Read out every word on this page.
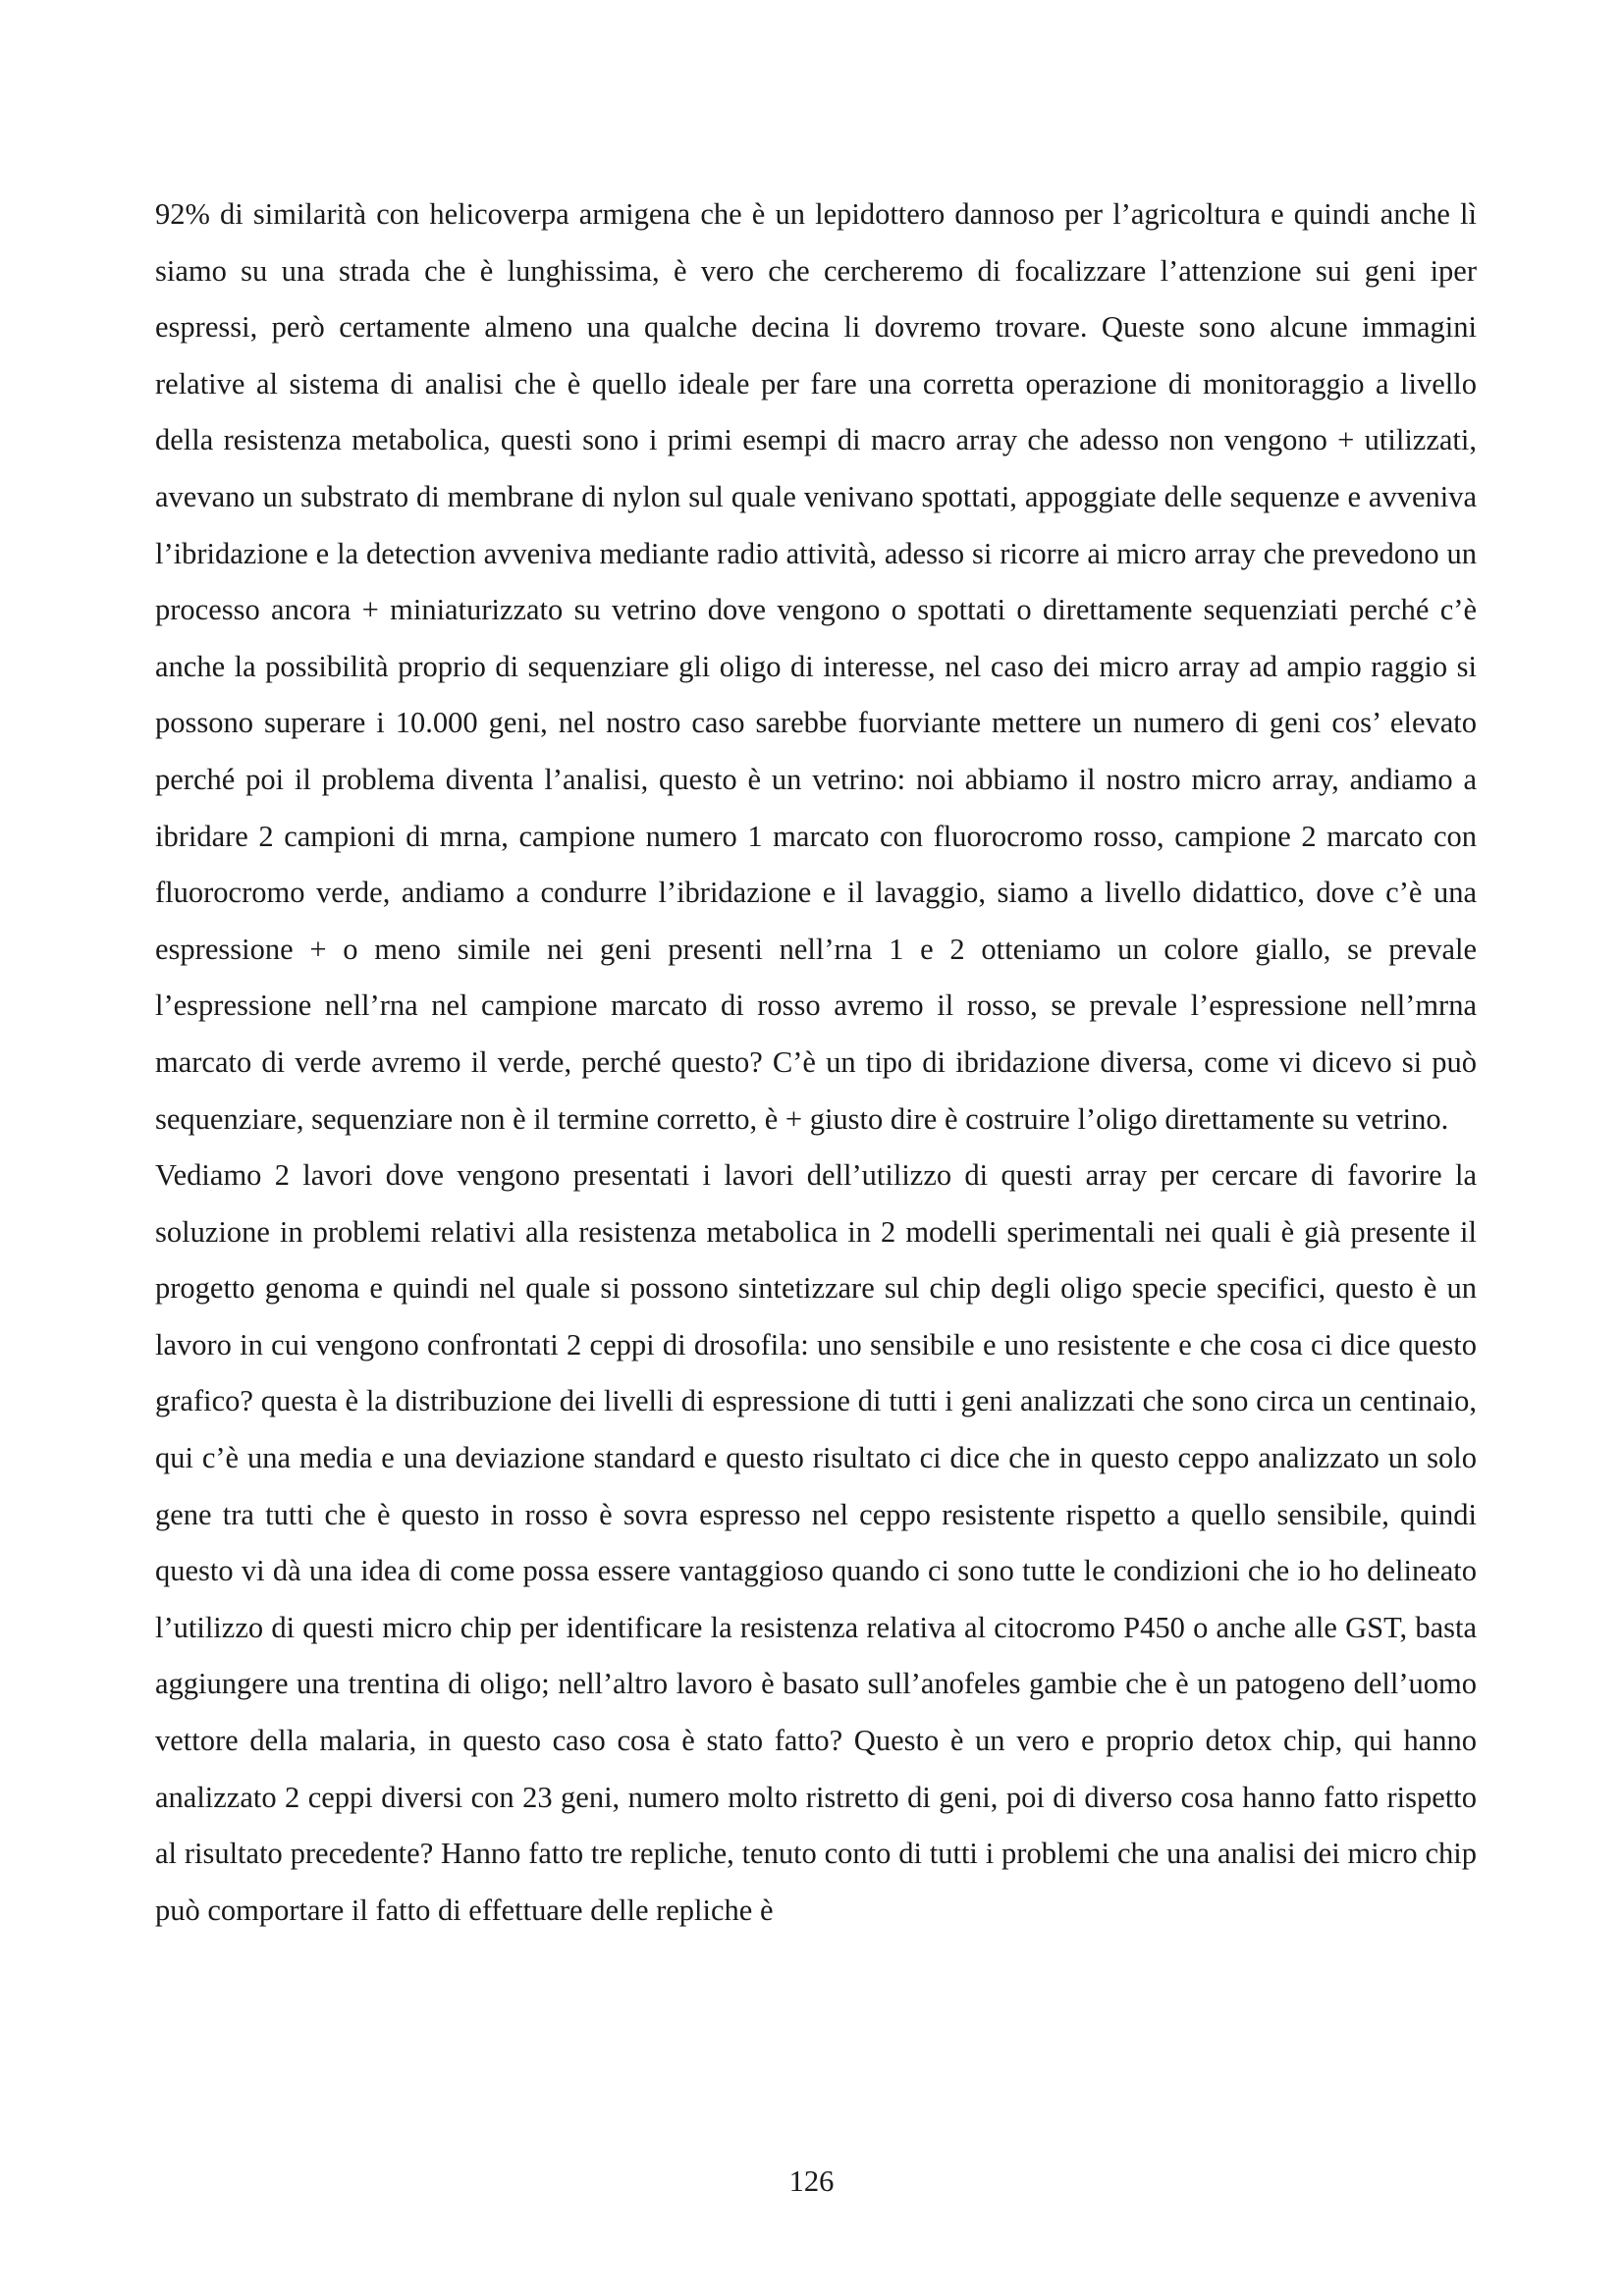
92% di similarità con helicoverpa armigena che è un lepidottero dannoso per l’agricoltura e quindi anche lì siamo su una strada che è lunghissima, è vero che cercheremo di focalizzare l’attenzione sui geni iper espressi, però certamente almeno una qualche decina li dovremo trovare. Queste sono alcune immagini relative al sistema di analisi che è quello ideale per fare una corretta operazione di monitoraggio a livello della resistenza metabolica, questi sono i primi esempi di macro array che adesso non vengono + utilizzati, avevano un substrato di membrane di nylon sul quale venivano spottati, appoggiate delle sequenze e avveniva l’ibridazione e la detection avveniva mediante radio attività, adesso si ricorre ai micro array che prevedono un processo ancora + miniaturizzato su vetrino dove vengono o spottati o direttamente sequenziati perché c’è anche la possibilità proprio di sequenziare gli oligo di interesse, nel caso dei micro array ad ampio raggio si possono superare i 10.000 geni, nel nostro caso sarebbe fuorviante mettere un numero di geni cos’ elevato perché poi il problema diventa l’analisi, questo è un vetrino: noi abbiamo il nostro micro array, andiamo a ibridare 2 campioni di mrna, campione numero 1 marcato con fluorocromo rosso, campione 2 marcato con fluorocromo verde, andiamo a condurre l’ibridazione e il lavaggio, siamo a livello didattico, dove c’è una espressione + o meno simile nei geni presenti nell’rna 1 e 2 otteniamo un colore giallo, se prevale l’espressione nell’rna nel campione marcato di rosso avremo il rosso, se prevale l’espressione nell’mrna marcato di verde avremo il verde, perché questo? C’è un tipo di ibridazione diversa, come vi dicevo si può sequenziare, sequenziare non è il termine corretto, è + giusto dire è costruire l’oligo direttamente su vetrino.

Vediamo 2 lavori dove vengono presentati i lavori dell’utilizzo di questi array per cercare di favorire la soluzione in problemi relativi alla resistenza metabolica in 2 modelli sperimentali nei quali è già presente il progetto genoma e quindi nel quale si possono sintetizzare sul chip degli oligo specie specifici, questo è un lavoro in cui vengono confrontati 2 ceppi di drosofila: uno sensibile e uno resistente e che cosa ci dice questo grafico? questa è la distribuzione dei livelli di espressione di tutti i geni analizzati che sono circa un centinaio, qui c’è una media e una deviazione standard e questo risultato ci dice che in questo ceppo analizzato un solo gene tra tutti che è questo in rosso è sovra espresso nel ceppo resistente rispetto a quello sensibile, quindi questo vi dà una idea di come possa essere vantaggioso quando ci sono tutte le condizioni che io ho delineato l’utilizzo di questi micro chip per identificare la resistenza relativa al citocromo P450 o anche alle GST, basta aggiungere una trentina di oligo; nell’altro lavoro è basato sull’anofeles gambie che è un patogeno dell’uomo vettore della malaria, in questo caso cosa è stato fatto? Questo è un vero e proprio detox chip, qui hanno analizzato 2 ceppi diversi con 23 geni, numero molto ristretto di geni, poi di diverso cosa hanno fatto rispetto al risultato precedente? Hanno fatto tre repliche, tenuto conto di tutti i problemi che una analisi dei micro chip può comportare il fatto di effettuare delle repliche è

126
